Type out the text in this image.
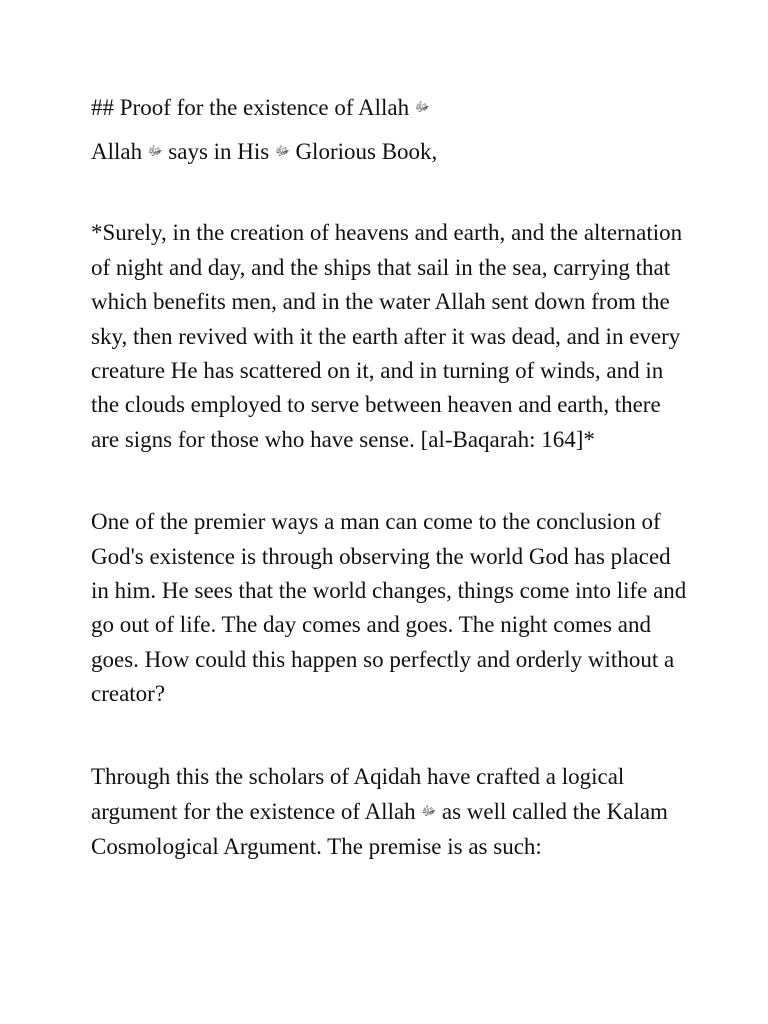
## Proof for the existence of Allah ﷻ

Allah ﷻ says in His ﷻ Glorious Book,

*Surely, in the creation of heavens and earth, and the alternation of night and day, and the ships that sail in the sea, carrying that which benefits men, and in the water Allah sent down from the sky, then revived with it the earth after it was dead, and in every creature He has scattered on it, and in turning of winds, and in the clouds employed to serve between heaven and earth, there are signs for those who have sense. [al-Baqarah: 164]*

One of the premier ways a man can come to the conclusion of God's existence is through observing the world God has placed in him. He sees that the world changes, things come into life and go out of life. The day comes and goes. The night comes and goes. How could this happen so perfectly and orderly without a creator?

Through this the scholars of Aqidah have crafted a logical argument for the existence of Allah ﷻ as well called the Kalam Cosmological Argument. The premise is as such:
